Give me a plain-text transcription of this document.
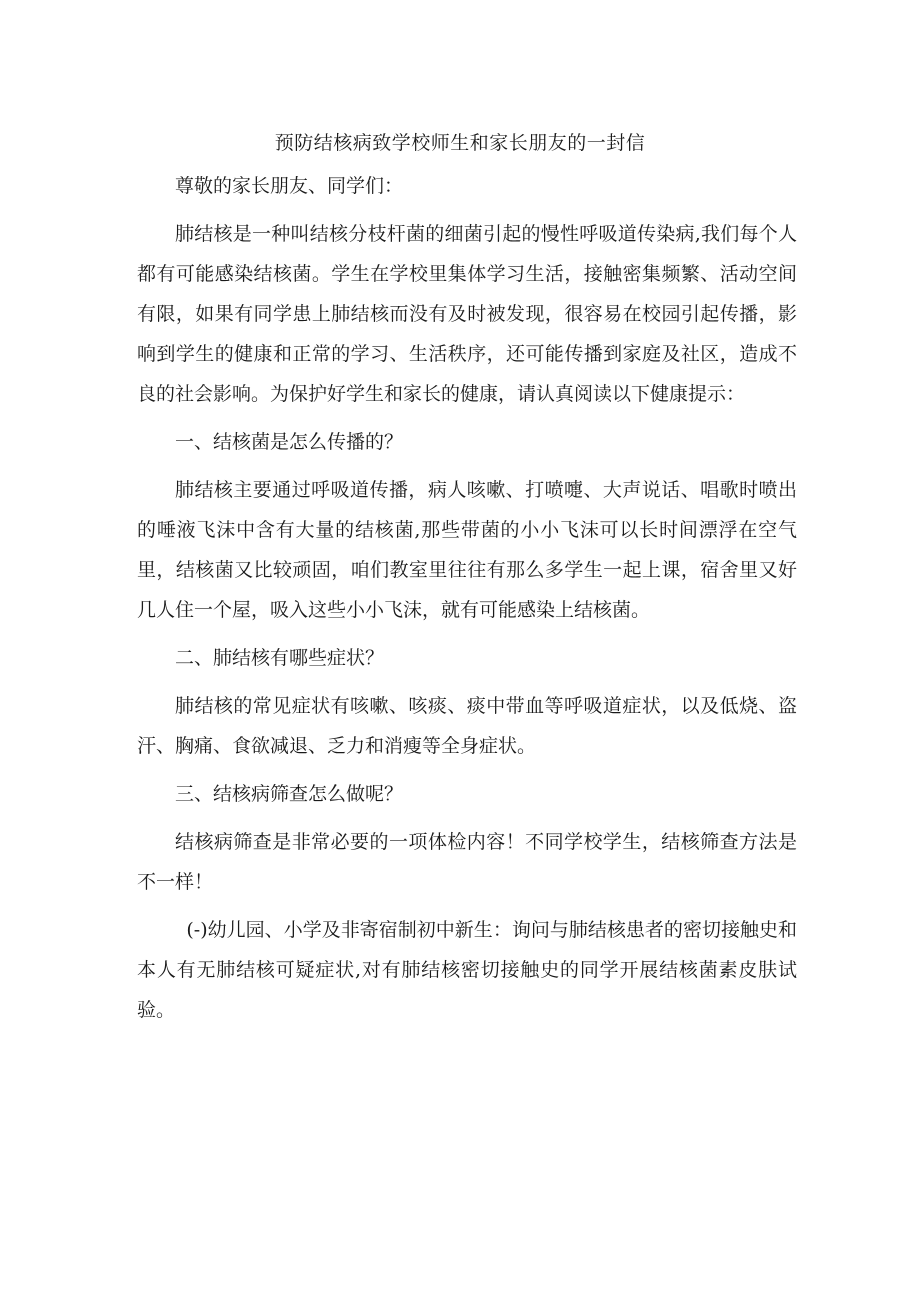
预防结核病致学校师生和家长朋友的一封信

尊敬的家长朋友、同学们：

肺结核是一种叫结核分枝杆菌的细菌引起的慢性呼吸道传染病,我们每个人都有可能感染结核菌。学生在学校里集体学习生活，接触密集频繁、活动空间有限，如果有同学患上肺结核而没有及时被发现，很容易在校园引起传播，影响到学生的健康和正常的学习、生活秩序，还可能传播到家庭及社区，造成不良的社会影响。为保护好学生和家长的健康，请认真阅读以下健康提示：

一、结核菌是怎么传播的？

肺结核主要通过呼吸道传播，病人咳嗽、打喷嚏、大声说话、唱歌时喷出的唾液飞沫中含有大量的结核菌,那些带菌的小小飞沫可以长时间漂浮在空气里，结核菌又比较顽固，咱们教室里往往有那么多学生一起上课，宿舍里又好几人住一个屋，吸入这些小小飞沫，就有可能感染上结核菌。

二、肺结核有哪些症状？

肺结核的常见症状有咳嗽、咳痰、痰中带血等呼吸道症状，以及低烧、盗汗、胸痛、食欲减退、乏力和消瘦等全身症状。

三、结核病筛查怎么做呢？

结核病筛查是非常必要的一项体检内容！不同学校学生，结核筛查方法是不一样！

(-)幼儿园、小学及非寄宿制初中新生：询问与肺结核患者的密切接触史和本人有无肺结核可疑症状,对有肺结核密切接触史的同学开展结核菌素皮肤试验。
